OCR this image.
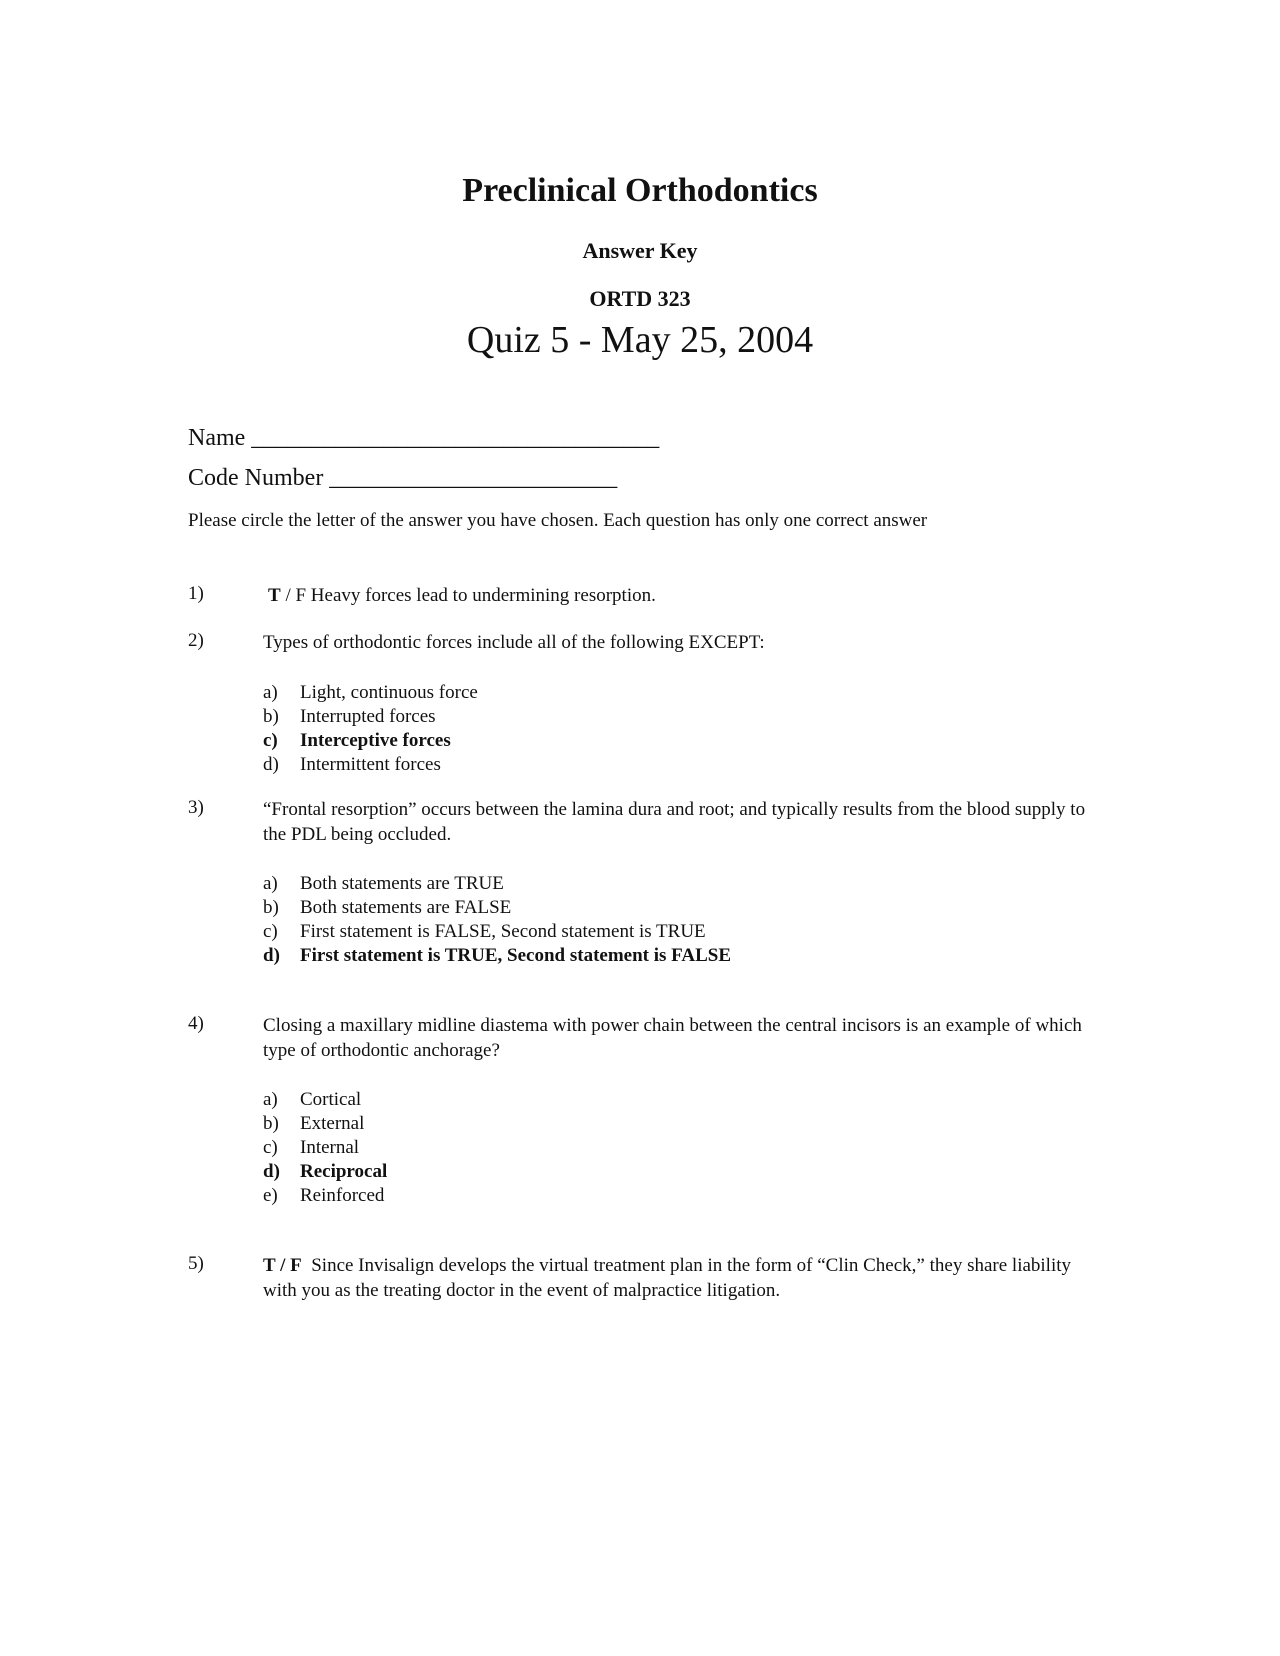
Preclinical Orthodontics
Answer Key
ORTD 323
Quiz 5 - May 25, 2004
Name __________________________________
Code Number ________________________
Please circle the letter of the answer you have chosen. Each question has only one correct answer
1)	T / F Heavy forces lead to undermining resorption.
2)	Types of orthodontic forces include all of the following EXCEPT:
a) Light, continuous force
b) Interrupted forces
c) Interceptive forces
d) Intermittent forces
3)	“Frontal resorption” occurs between the lamina dura and root; and typically results from the blood supply to the PDL being occluded.
a) Both statements are TRUE
b) Both statements are FALSE
c) First statement is FALSE, Second statement is TRUE
d) First statement is TRUE, Second statement is FALSE
4)	Closing a maxillary midline diastema with power chain between the central incisors is an example of which type of orthodontic anchorage?
a) Cortical
b) External
c) Internal
d) Reciprocal
e) Reinforced
5)	T / F  Since Invisalign develops the virtual treatment plan in the form of “Clin Check,” they share liability with you as the treating doctor in the event of malpractice litigation.
